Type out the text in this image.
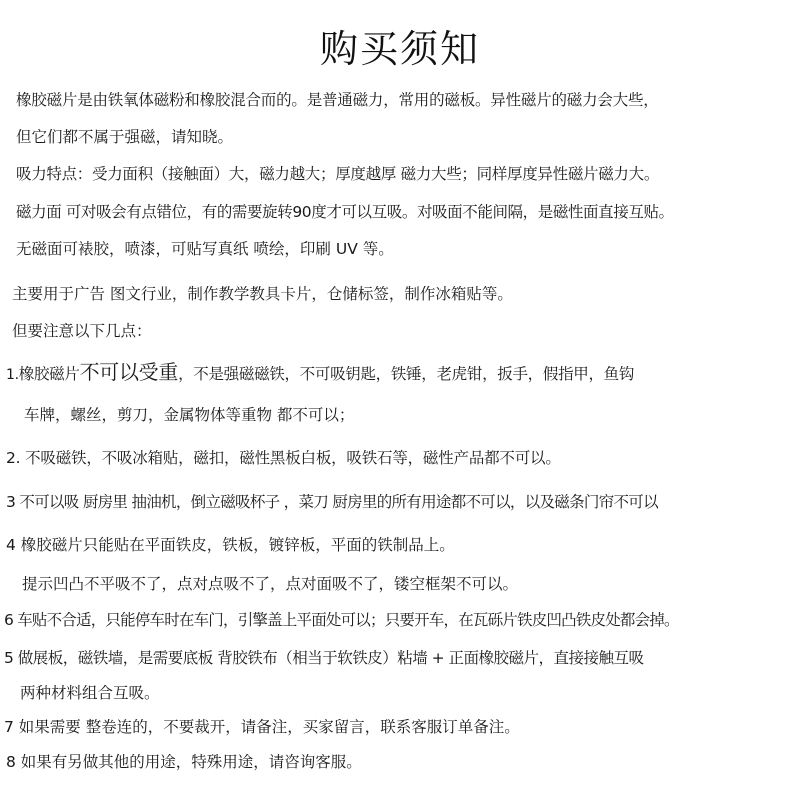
购买须知
橡胶磁片是由铁氧体磁粉和橡胶混合而的。是普通磁力，常用的磁板。异性磁片的磁力会大些，
但它们都不属于强磁，请知晓。
吸力特点：受力面积（接触面）大，磁力越大；厚度越厚 磁力大些；同样厚度异性磁片磁力大。
磁力面 可对吸会有点错位，有的需要旋转90度才可以互吸。对吸面不能间隔，是磁性面直接互贴。
无磁面可裱胶，喷漆，可贴写真纸 喷绘，印刷 UV 等。
主要用于广告 图文行业，制作教学教具卡片，仓储标签，制作冰箱贴等。
但要注意以下几点：
1.橡胶磁片不可以受重，不是强磁磁铁，不可吸钥匙，铁锤，老虎钳，扳手，假指甲，鱼钩
车牌，螺丝，剪刀，金属物体等重物 都不可以；
2. 不吸磁铁，不吸冰箱贴，磁扣，磁性黑板白板，吸铁石等，磁性产品都不可以。
3 不可以吸 厨房里 抽油机，倒立磁吸杯子 ，菜刀 厨房里的所有用途都不可以，以及磁条门帘不可以
4 橡胶磁片只能贴在平面铁皮，铁板，镀锌板，平面的铁制品上。
提示凹凸不平吸不了，点对点吸不了，点对面吸不了，镂空框架不可以。
6 车贴不合适，只能停车时在车门，引擎盖上平面处可以；只要开车，在瓦砾片铁皮凹凸铁皮处都会掉。
5 做展板，磁铁墙，是需要底板 背胶铁布（相当于软铁皮）粘墙 + 正面橡胶磁片，直接接触互吸
两种材料组合互吸。
7 如果需要 整卷连的，不要裁开，请备注，买家留言，联系客服订单备注。
8 如果有另做其他的用途，特殊用途，请咨询客服。
